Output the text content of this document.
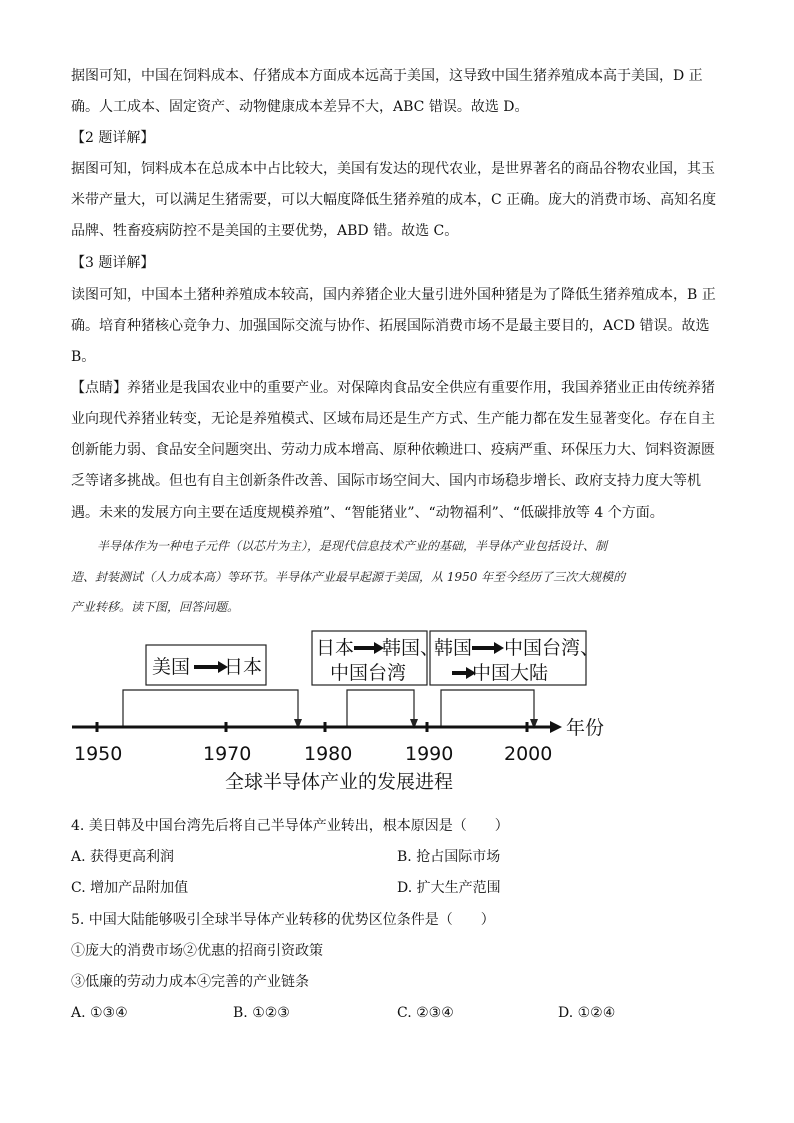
据图可知，中国在饲料成本、仔猪成本方面成本远高于美国，这导致中国生猪养殖成本高于美国，D 正
确。人工成本、固定资产、动物健康成本差异不大，ABC 错误。故选 D。
【2 题详解】
据图可知，饲料成本在总成本中占比较大，美国有发达的现代农业，是世界著名的商品谷物农业国，其玉
米带产量大，可以满足生猪需要，可以大幅度降低生猪养殖的成本，C 正确。庞大的消费市场、高知名度
品牌、牲畜疫病防控不是美国的主要优势，ABD 错。故选 C。
【3 题详解】
读图可知，中国本土猪种养殖成本较高，国内养猪企业大量引进外国种猪是为了降低生猪养殖成本，B 正
确。培育种猪核心竞争力、加强国际交流与协作、拓展国际消费市场不是最主要目的，ACD 错误。故选
B。
【点睛】养猪业是我国农业中的重要产业。对保障肉食品安全供应有重要作用，我国养猪业正由传统养猪
业向现代养猪业转变，无论是养殖模式、区域布局还是生产方式、生产能力都在发生显著变化。存在自主
创新能力弱、食品安全问题突出、劳动力成本增高、原种依赖进口、疫病严重、环保压力大、饲料资源匮
乏等诸多挑战。但也有自主创新条件改善、国际市场空间大、国内市场稳步增长、政府支持力度大等机
遇。未来的发展方向主要在适度规模养殖”、“智能猪业”、“动物福利”、“低碳排放等 4 个方面。
半导体作为一种电子元件（以芯片为主），是现代信息技术产业的基础，半导体产业包括设计、制
造、封装测试（人力成本高）等环节。半导体产业最早起源于美国，从 1950 年至今经历了三次大规模的
产业转移。读下图，回答问题。
美国 日本
日本 韩国、
中国台湾
韩国 中国台湾、
中国大陆
年份
1950	1970	1980	1990	2000
全球半导体产业的发展进程
4. 美日韩及中国台湾先后将自己半导体产业转出，根本原因是（　　）
A. 获得更高利润	B. 抢占国际市场
C. 增加产品附加值	D. 扩大生产范围
5. 中国大陆能够吸引全球半导体产业转移的优势区位条件是（　　）
①庞大的消费市场②优惠的招商引资政策
③低廉的劳动力成本④完善的产业链条
A. ①③④	B. ①②③	C. ②③④	D. ①②④
